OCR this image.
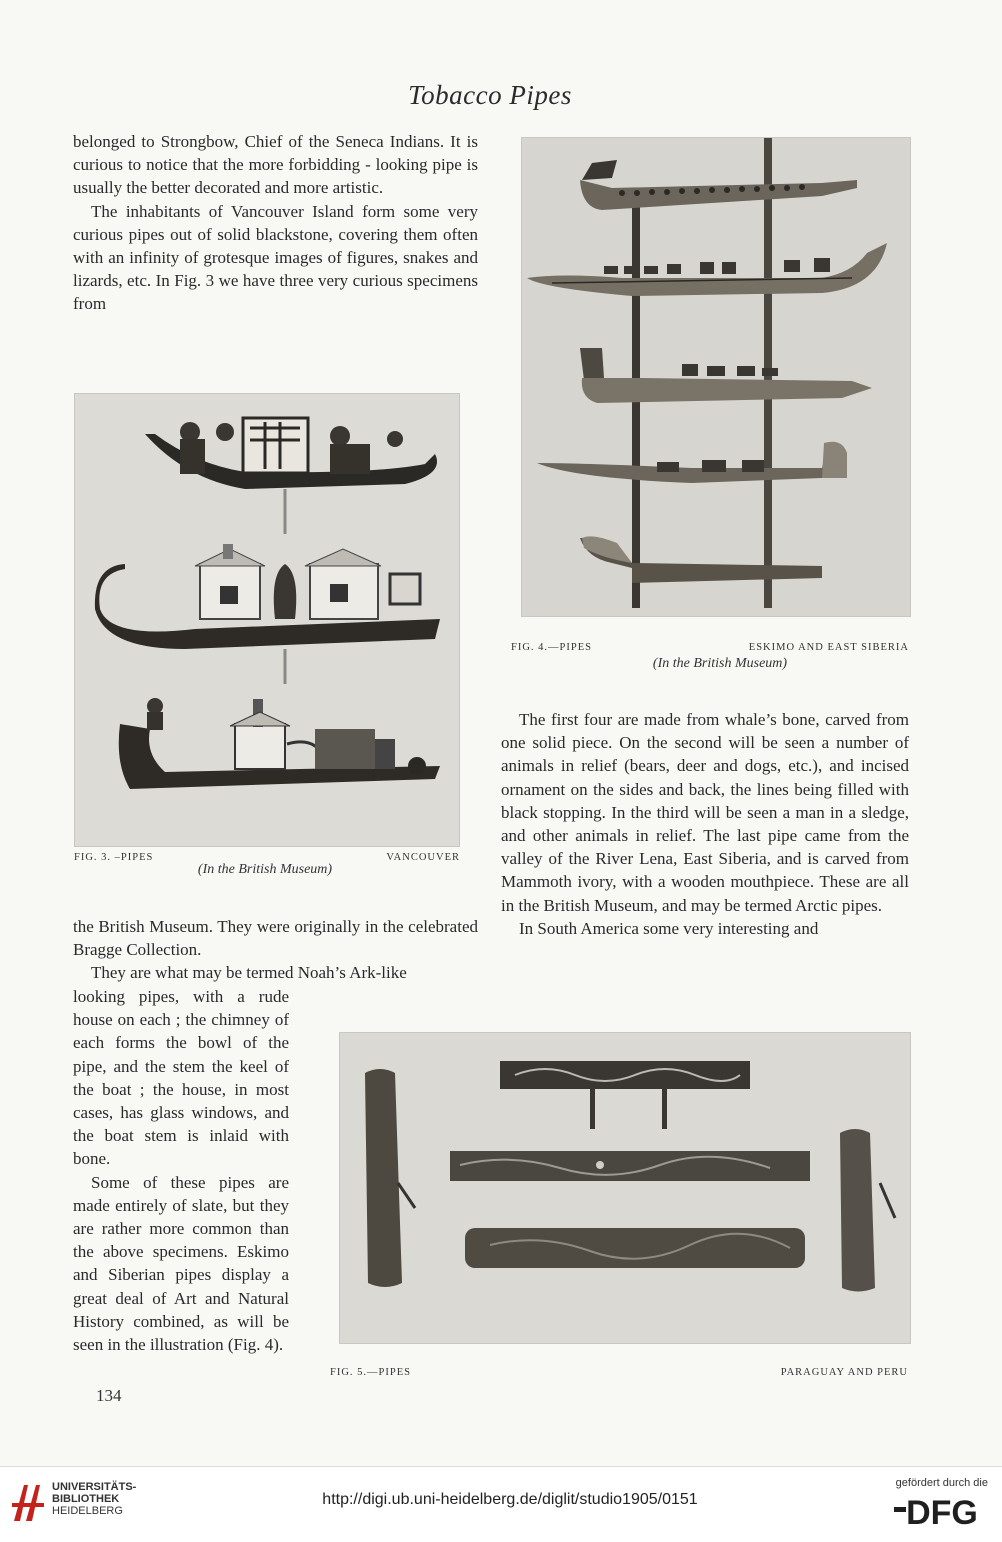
Tobacco Pipes

belonged to Strongbow, Chief of the Seneca Indians. It is curious to notice that the more forbidding - looking pipe is usually the better decorated and more artistic.

The inhabitants of Vancouver Island form some very curious pipes out of solid blackstone, covering them often with an infinity of grotesque images of figures, snakes and lizards, etc. In Fig. 3 we have three very curious specimens from

FIG. 3. –PIPES	VANCOUVER
(In the British Museum)

the British Museum. They were originally in the celebrated Bragge Collection.

They are what may be termed Noah’s Ark-like

looking pipes, with a rude house on each ; the chimney of each forms the bowl of the pipe, and the stem the keel of the boat ; the house, in most cases, has glass windows, and the boat stem is inlaid with bone.

Some of these pipes are made entirely of slate, but they are rather more common than the above specimens. Eskimo and Siberian pipes display a great deal of Art and Natural History combined, as will be seen in the illustration (Fig. 4).

FIG. 4.—PIPES	ESKIMO AND EAST SIBERIA
(In the British Museum)

The first four are made from whale’s bone, carved from one solid piece. On the second will be seen a number of animals in relief (bears, deer and dogs, etc.), and incised ornament on the sides and back, the lines being filled with black stopping. In the third will be seen a man in a sledge, and other animals in relief. The last pipe came from the valley of the River Lena, East Siberia, and is carved from Mammoth ivory, with a wooden mouthpiece. These are all in the British Museum, and may be termed Arctic pipes.

In South America some very interesting and

FIG. 5.—PIPES	PARAGUAY AND PERU
134
UNIVERSITÄTS-
BIBLIOTHEK
HEIDELBERG
http://digi.ub.uni-heidelberg.de/diglit/studio1905/0151
gefördert durch die
DFG
